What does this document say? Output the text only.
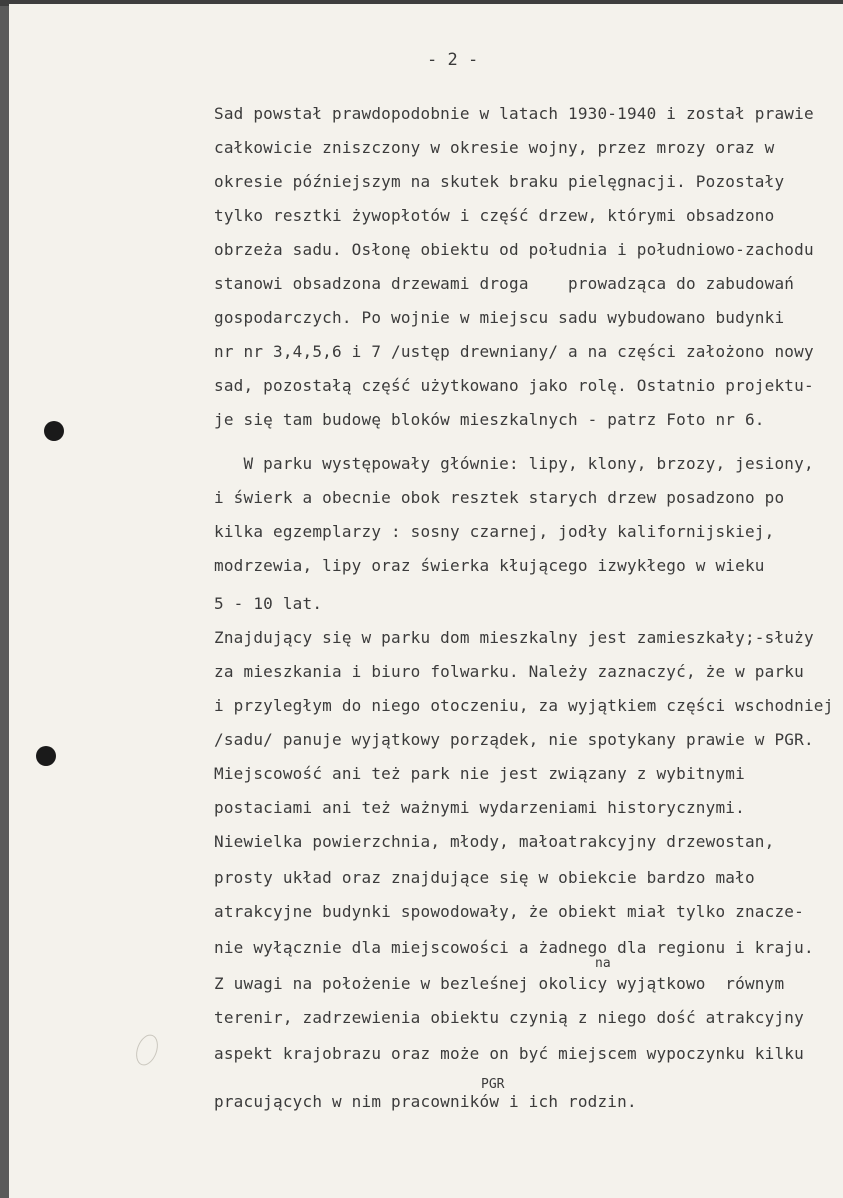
- 2 -
Sad powstał prawdopodobnie w latach 1930-1940 i został prawie
całkowicie zniszczony w okresie wojny, przez mrozy oraz w
okresie późniejszym na skutek braku pielęgnacji. Pozostały
tylko resztki żywopłotów i część drzew, którymi obsadzono
obrzeża sadu. Osłonę obiektu od południa i południowo-zachodu
stanowi obsadzona drzewami droga    prowadząca do zabudowań
gospodarczych. Po wojnie w miejscu sadu wybudowano budynki
nr nr 3,4,5,6 i 7 /ustęp drewniany/ a na części założono nowy
sad, pozostałą część użytkowano jako rolę. Ostatnio projektu-
je się tam budowę bloków mieszkalnych - patrz Foto nr 6.
W parku występowały głównie: lipy, klony, brzozy, jesiony,
i świerk a obecnie obok resztek starych drzew posadzono po
kilka egzemplarzy : sosny czarnej, jodły kalifornijskiej,
modrzewia, lipy oraz świerka kłującego izwykłego w wieku
5 - 10 lat.
Znajdujący się w parku dom mieszkalny jest zamieszkały;-służy
za mieszkania i biuro folwarku. Należy zaznaczyć, że w parku
i przyległym do niego otoczeniu, za wyjątkiem części wschodniej
/sadu/ panuje wyjątkowy porządek, nie spotykany prawie w PGR.
Miejscowość ani też park nie jest związany z wybitnymi
postaciami ani też ważnymi wydarzeniami historycznymi.
Niewielka powierzchnia, młody, małoatrakcyjny drzewostan,
prosty układ oraz znajdujące się w obiekcie bardzo mało
atrakcyjne budynki spowodowały, że obiekt miał tylko znacze-
nie wyłącznie dla miejscowości a żadnego dla regionu i kraju.
na
Z uwagi na położenie w bezleśnej okolicy wyjątkowo  równym
terenir, zadrzewienia obiektu czynią z niego dość atrakcyjny
aspekt krajobrazu oraz może on być miejscem wypoczynku kilku
PGR
pracujących w nim pracowników i ich rodzin.
